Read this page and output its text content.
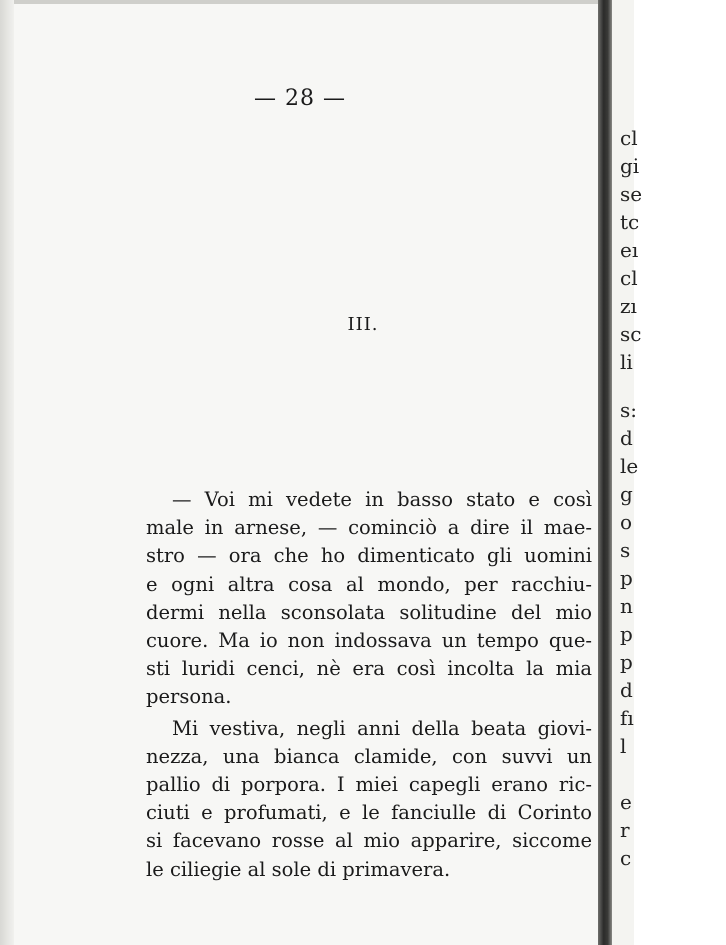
— 28 —
III.
— Voi mi vedete in basso stato e così
male in arnese, — cominciò a dire il mae-
stro — ora che ho dimenticato gli uomini
e ogni altra cosa al mondo, per racchiu-
dermi nella sconsolata solitudine del mio
cuore. Ma io non indossava un tempo que-
sti luridi cenci, nè era così incolta la mia
persona.
Mi vestiva, negli anni della beata giovi-
nezza, una bianca clamide, con suvvi un
pallio di porpora. I miei capegli erano ric-
ciuti e profumati, e le fanciulle di Corinto
si facevano rosse al mio apparire, siccome
le ciliegie al sole di primavera.
cl
gi
se
tc
eı
cl
zı
sc
li
s:
d
le
g
o
s
p
n
p
p
d
fı
l
e
r
c
